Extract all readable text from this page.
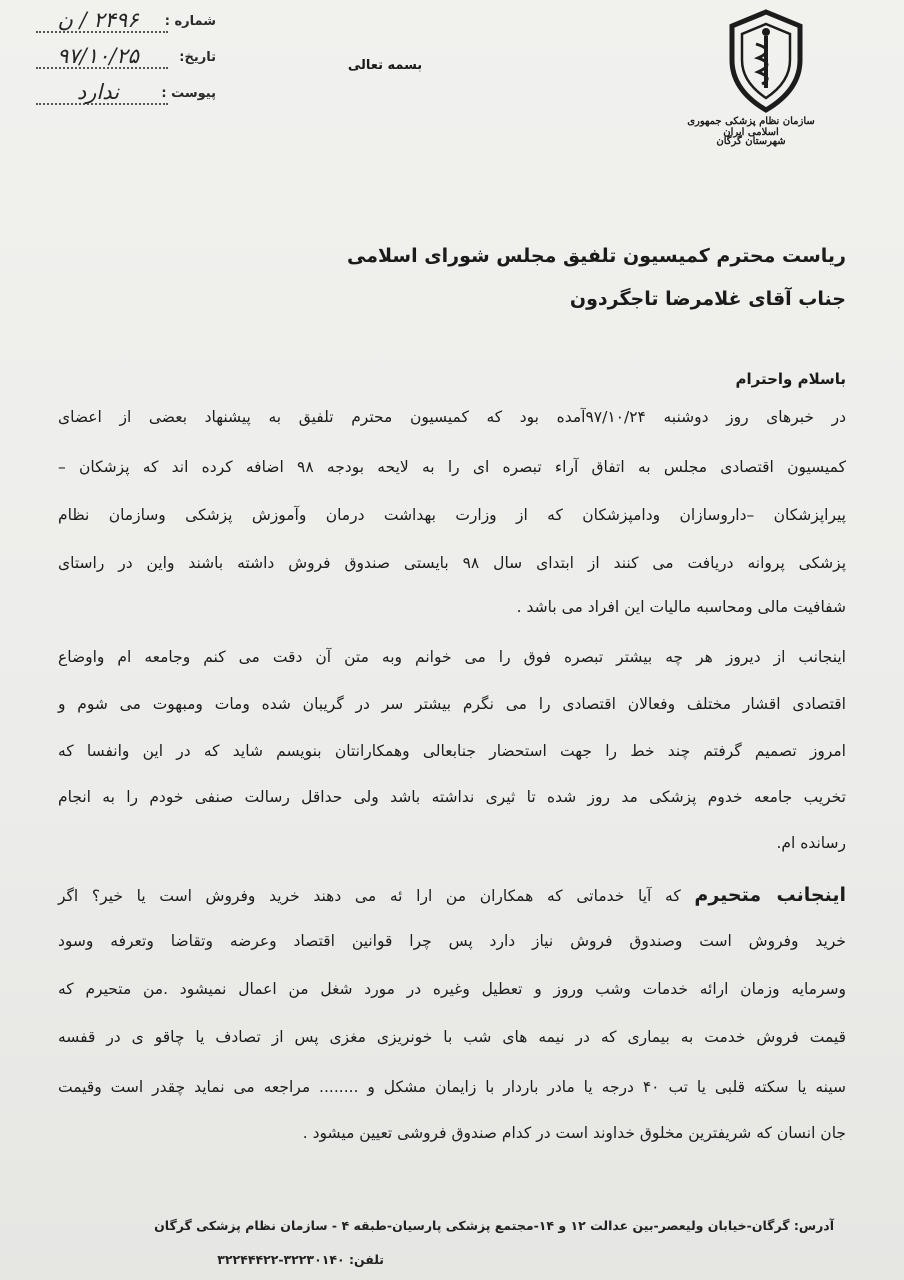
۲۴۹۶ / ن	شماره :
۹۷/۱۰/۲۵	تاریخ:
ندارد	پیوست :
بسمه تعالی
سازمان نظام پزشکی جمهوری اسلامی ایران
شهرستان گرگان
ریاست محترم کمیسیون تلفیق مجلس شورای اسلامی
جناب آقای غلامرضا تاجگردون
باسلام واحترام
در خبرهای روز دوشنبه ۹۷/۱۰/۲۴آمده بود که کمیسیون محترم تلفیق به پیشنهاد بعضی از اعضای
کمیسیون اقتصادی مجلس به اتفاق آراء تبصره ای را به لایحه بودجه ۹۸ اضافه کرده اند که پزشکان –
پیراپزشکان –داروسازان ودامپزشکان که از وزارت بهداشت درمان وآموزش پزشکی وسازمان نظام
پزشکی پروانه دریافت می کنند از ابتدای سال ۹۸ بایستی صندوق فروش داشته باشند واین در راستای
شفافیت مالی ومحاسبه مالیات این افراد می باشد .
اینجانب از دیروز هر چه بیشتر تبصره فوق را می خوانم وبه متن آن دقت می کنم وجامعه ام واوضاع
اقتصادی اقشار مختلف وفعالان اقتصادی را می نگرم بیشتر سر در گریبان شده ومات ومبهوت می شوم و
امروز تصمیم گرفتم چند خط را جهت استحضار جنابعالی وهمکارانتان بنویسم شاید که در این وانفسا که
تخریب جامعه خدوم پزشکی مد روز شده تا ثیری نداشته باشد ولی حداقل رسالت صنفی خودم را به انجام
رسانده ام.
اینجانب متحیرم که آیا خدماتی که همکاران من ارا ئه می دهند خرید وفروش است یا خیر؟ اگر
خرید وفروش است وصندوق فروش نیاز دارد پس چرا قوانین اقتصاد وعرضه وتقاضا وتعرفه وسود
وسرمایه وزمان ارائه خدمات وشب وروز و تعطیل وغیره در مورد شغل من اعمال نمیشود .من متحیرم که
قیمت فروش خدمت به بیماری که در نیمه های شب با خونریزی مغزی پس از تصادف یا چاقو ی در قفسه
سینه یا سکته قلبی یا تب ۴۰ درجه یا مادر باردار با زایمان مشکل و ........ مراجعه می نماید چقدر است وقیمت
جان انسان که شریفترین مخلوق خداوند است در کدام صندوق فروشی تعیین میشود .
آدرس: گرگان-خیابان ولیعصر-بین عدالت ۱۲ و ۱۴-مجتمع پزشکی پارسیان-طبقه ۴ - سازمان نظام پزشکی گرگان
تلفن: ۳۲۲۳۰۱۴۰-۳۲۲۴۴۴۲۲
